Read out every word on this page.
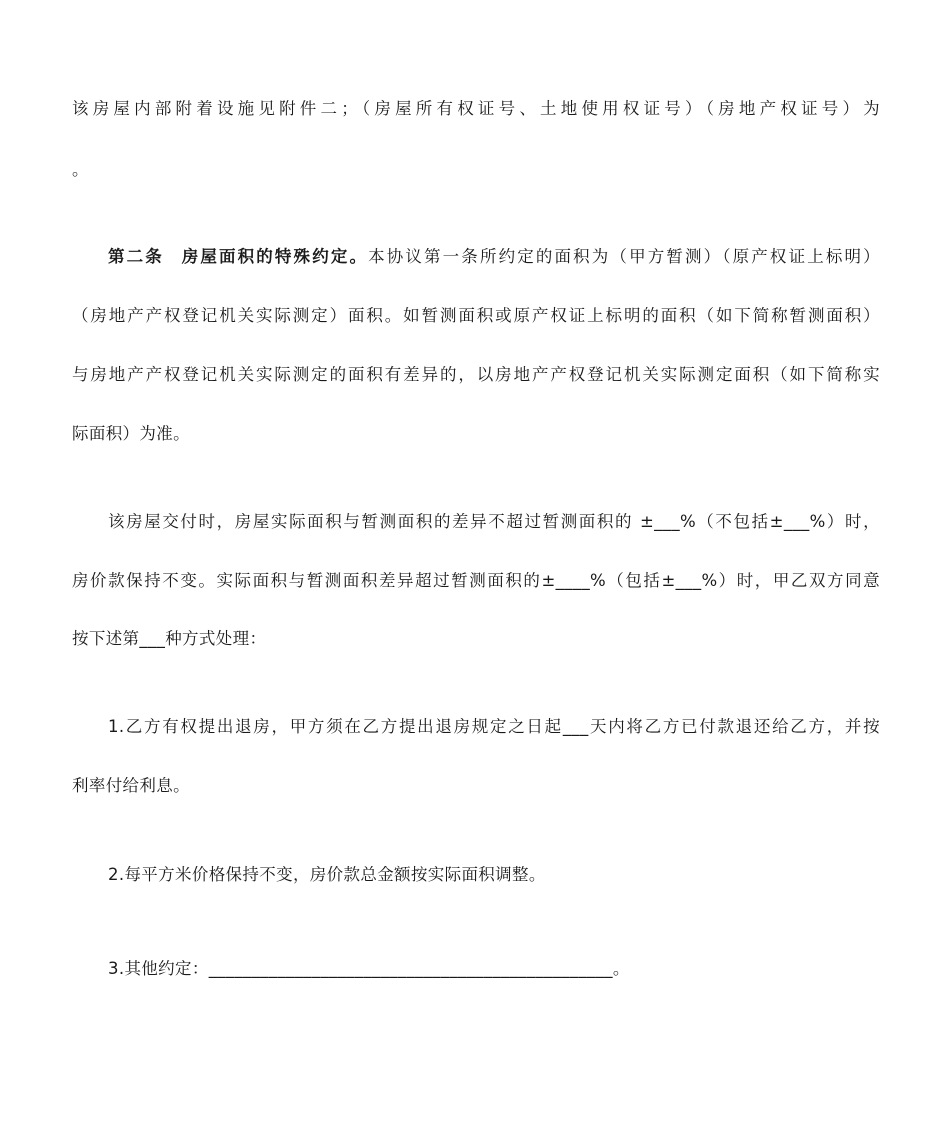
该房屋内部附着设施见附件二；（房屋所有权证号、土地使用权证号）（房地产权证号）为
。
第二条 房屋面积的特殊约定。本协议第一条所约定的面积为（甲方暂测）（原产权证上标明）
（房地产产权登记机关实际测定）面积。如暂测面积或原产权证上标明的面积（如下简称暂测面积）
与房地产产权登记机关实际测定的面积有差异的，以房地产产权登记机关实际测定面积（如下简称实
际面积）为准。
该房屋交付时，房屋实际面积与暂测面积的差异不超过暂测面积的 ±___%（不包括±___%）时，
房价款保持不变。实际面积与暂测面积差异超过暂测面积的±____%（包括±___%）时，甲乙双方同意
按下述第___种方式处理：
1.乙方有权提出退房，甲方须在乙方提出退房规定之日起___天内将乙方已付款退还给乙方，并按
利率付给利息。
2.每平方米价格保持不变，房价款总金额按实际面积调整。
3.其他约定：_______________________________________________。
